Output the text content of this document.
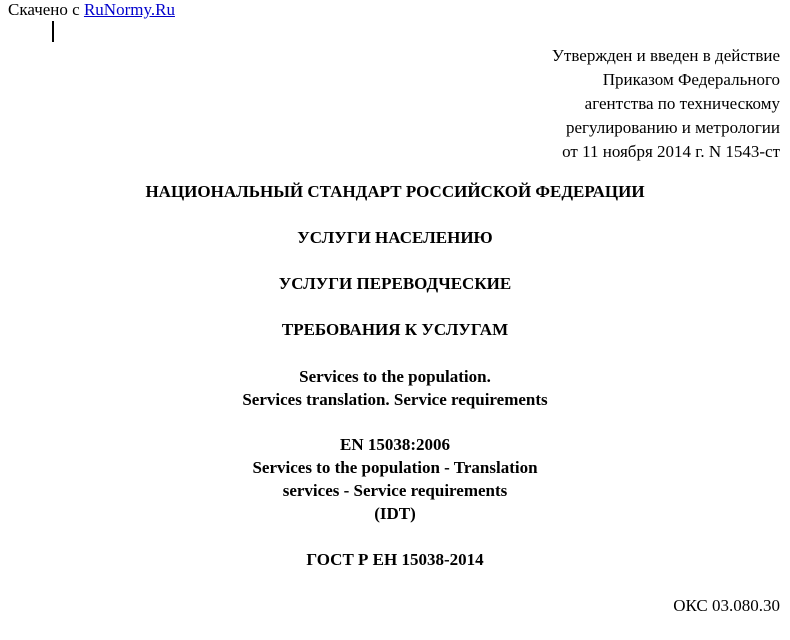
Скачено с RuNormy.Ru
Утвержден и введен в действие
Приказом Федерального
агентства по техническому
регулированию и метрологии
от 11 ноября 2014 г. N 1543-ст
НАЦИОНАЛЬНЫЙ СТАНДАРТ РОССИЙСКОЙ ФЕДЕРАЦИИ
УСЛУГИ НАСЕЛЕНИЮ
УСЛУГИ ПЕРЕВОДЧЕСКИЕ
ТРЕБОВАНИЯ К УСЛУГАМ
Services to the population.
Services translation. Service requirements
EN 15038:2006
Services to the population - Translation
services - Service requirements
(IDT)
ГОСТ Р ЕН 15038-2014
ОКС 03.080.30
